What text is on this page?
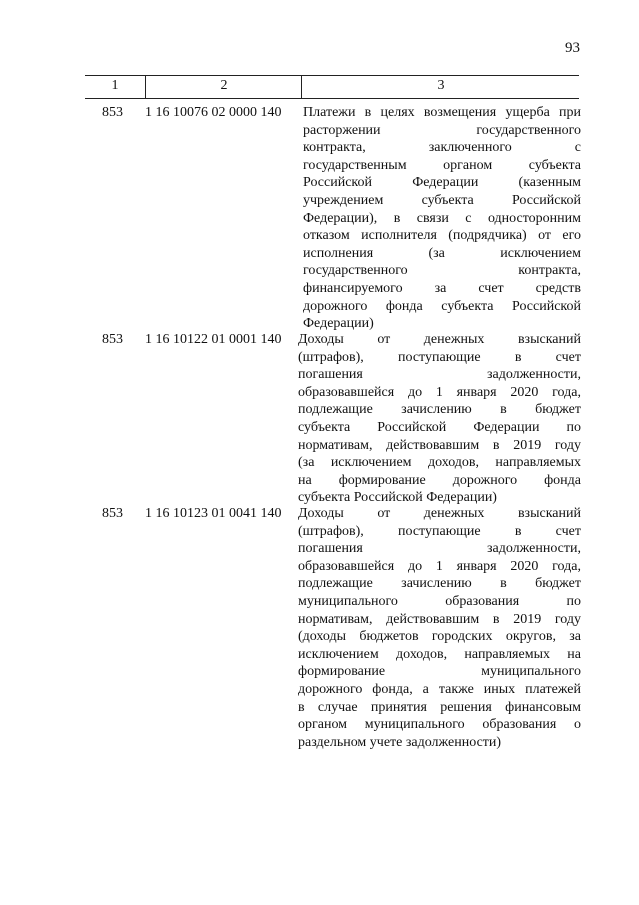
93
1	2	3
853 1 16 10076 02 0000 140 Платежи в целях возмещения ущерба при
расторжении государственного
контракта, заключенного с
государственным органом субъекта
Российской Федерации (казенным
учреждением субъекта Российской
Федерации), в связи с односторонним
отказом исполнителя (подрядчика) от его
исполнения (за исключением
государственного контракта,
финансируемого за счет средств
дорожного фонда субъекта Российской
Федерации)
853 1 16 10122 01 0001 140 Доходы от денежных взысканий
(штрафов), поступающие в счет
погашения задолженности,
образовавшейся до 1 января 2020 года,
подлежащие зачислению в бюджет
субъекта Российской Федерации по
нормативам, действовавшим в 2019 году
(за исключением доходов, направляемых
на формирование дорожного фонда
субъекта Российской Федерации)
853 1 16 10123 01 0041 140 Доходы от денежных взысканий
(штрафов), поступающие в счет
погашения задолженности,
образовавшейся до 1 января 2020 года,
подлежащие зачислению в бюджет
муниципального образования по
нормативам, действовавшим в 2019 году
(доходы бюджетов городских округов, за
исключением доходов, направляемых на
формирование муниципального
дорожного фонда, а также иных платежей
в случае принятия решения финансовым
органом муниципального образования о
раздельном учете задолженности)
